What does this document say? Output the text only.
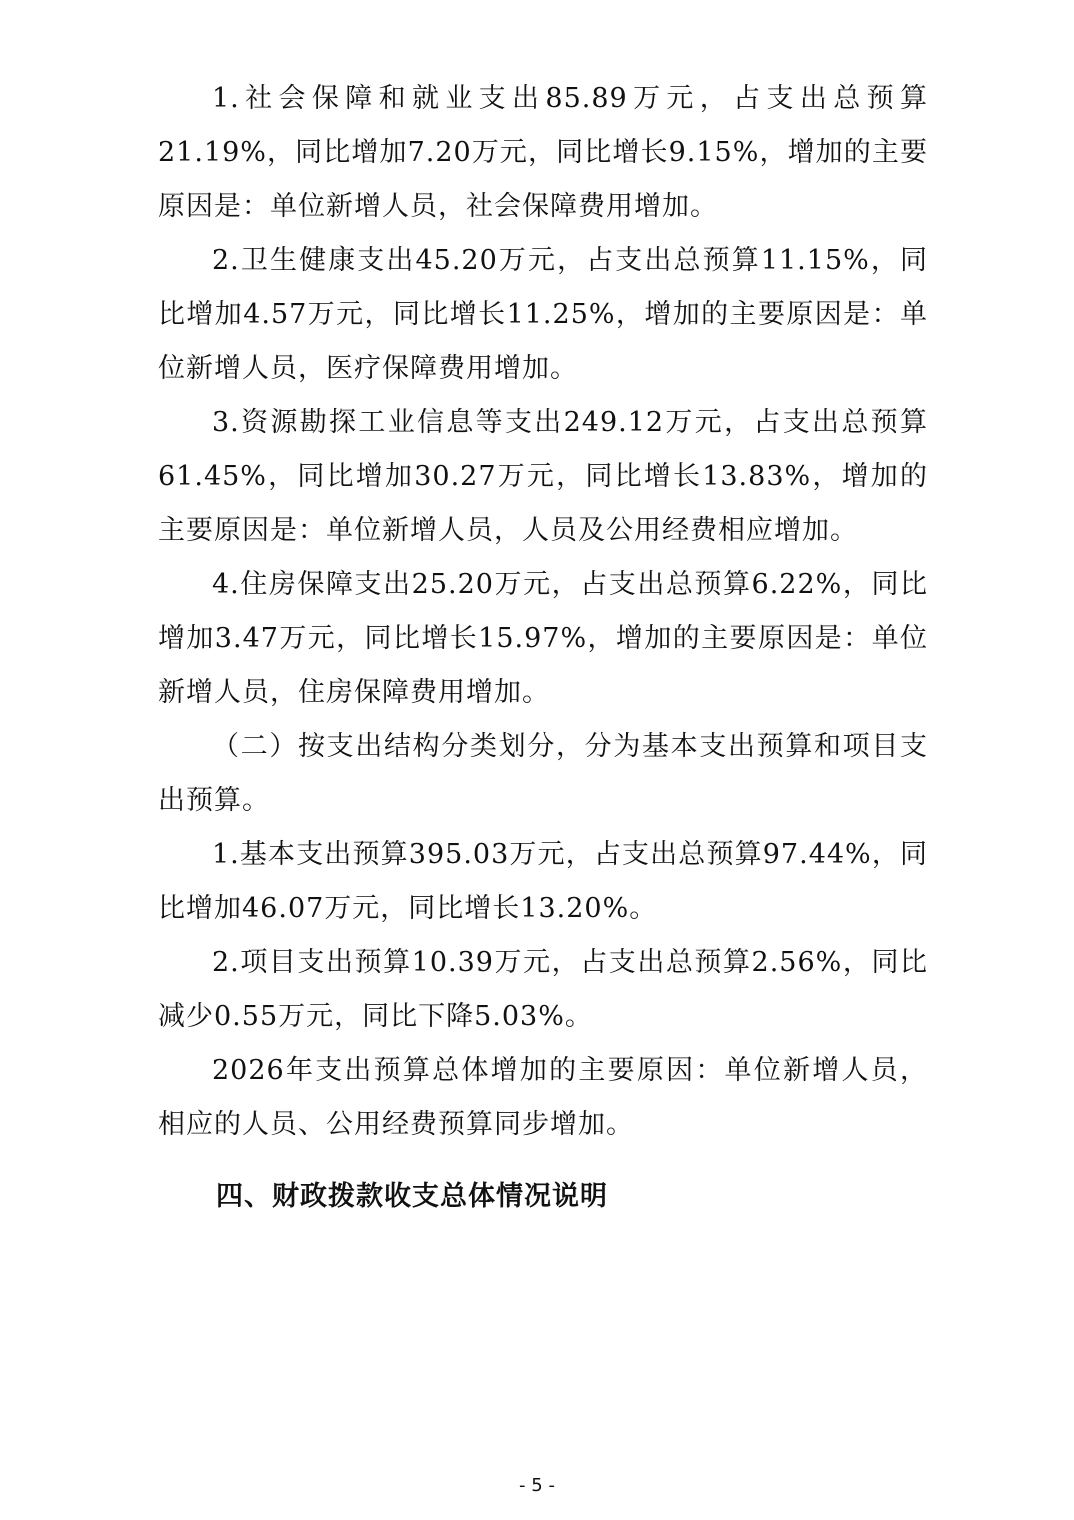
1.社会保障和就业支出85.89万元，占支出总预算21.19%，同比增加7.20万元，同比增长9.15%，增加的主要原因是：单位新增人员，社会保障费用增加。

2.卫生健康支出45.20万元，占支出总预算11.15%，同比增加4.57万元，同比增长11.25%，增加的主要原因是：单位新增人员，医疗保障费用增加。

3.资源勘探工业信息等支出249.12万元，占支出总预算61.45%，同比增加30.27万元，同比增长13.83%，增加的主要原因是：单位新增人员，人员及公用经费相应增加。

4.住房保障支出25.20万元，占支出总预算6.22%，同比增加3.47万元，同比增长15.97%，增加的主要原因是：单位新增人员，住房保障费用增加。

（二）按支出结构分类划分，分为基本支出预算和项目支出预算。

1.基本支出预算395.03万元，占支出总预算97.44%，同比增加46.07万元，同比增长13.20%。

2.项目支出预算10.39万元，占支出总预算2.56%，同比减少0.55万元，同比下降5.03%。

2026年支出预算总体增加的主要原因：单位新增人员，相应的人员、公用经费预算同步增加。

四、财政拨款收支总体情况说明
- 5 -
